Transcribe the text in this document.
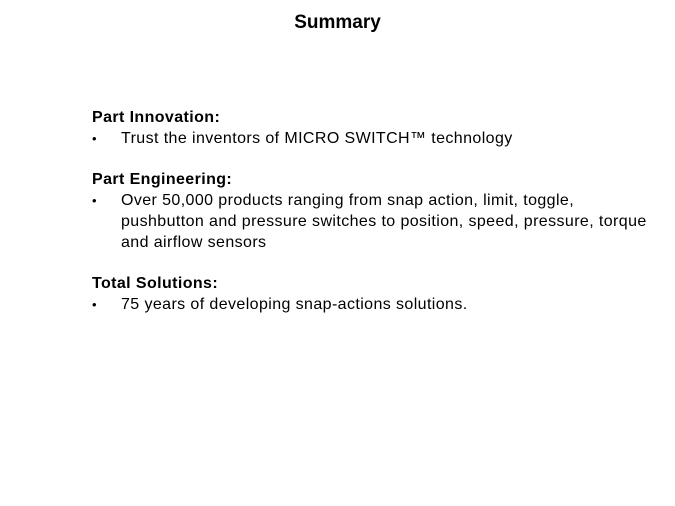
Summary
Part Innovation:
• Trust the inventors of MICRO SWITCH™ technology
Part Engineering:
• Over 50,000 products ranging from snap action, limit, toggle, pushbutton and pressure switches to position, speed, pressure, torque and airflow sensors
Total Solutions:
• 75 years of developing snap-actions solutions.
